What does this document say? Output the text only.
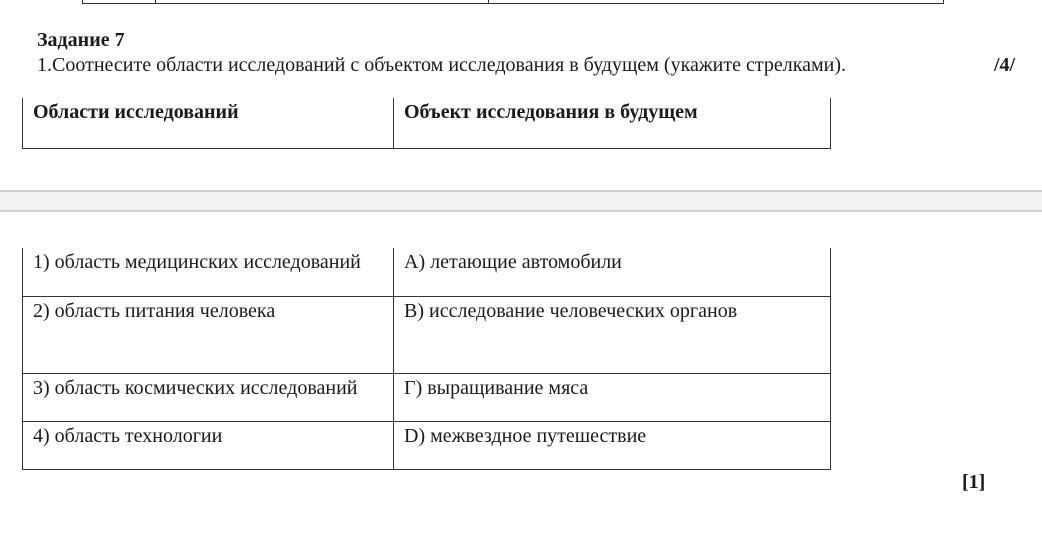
Задание 7
1.Соотнесите области исследований с объектом исследования в будущем (укажите стрелками).	/4/
Области исследований	Объект исследования в будущем
1) область медицинских исследований	А) летающие автомобили
2) область питания человека	В) исследование человеческих органов
3) область космических исследований	Г) выращивание мяса
4) область технологии	D) межвездное путешествие
[1]
